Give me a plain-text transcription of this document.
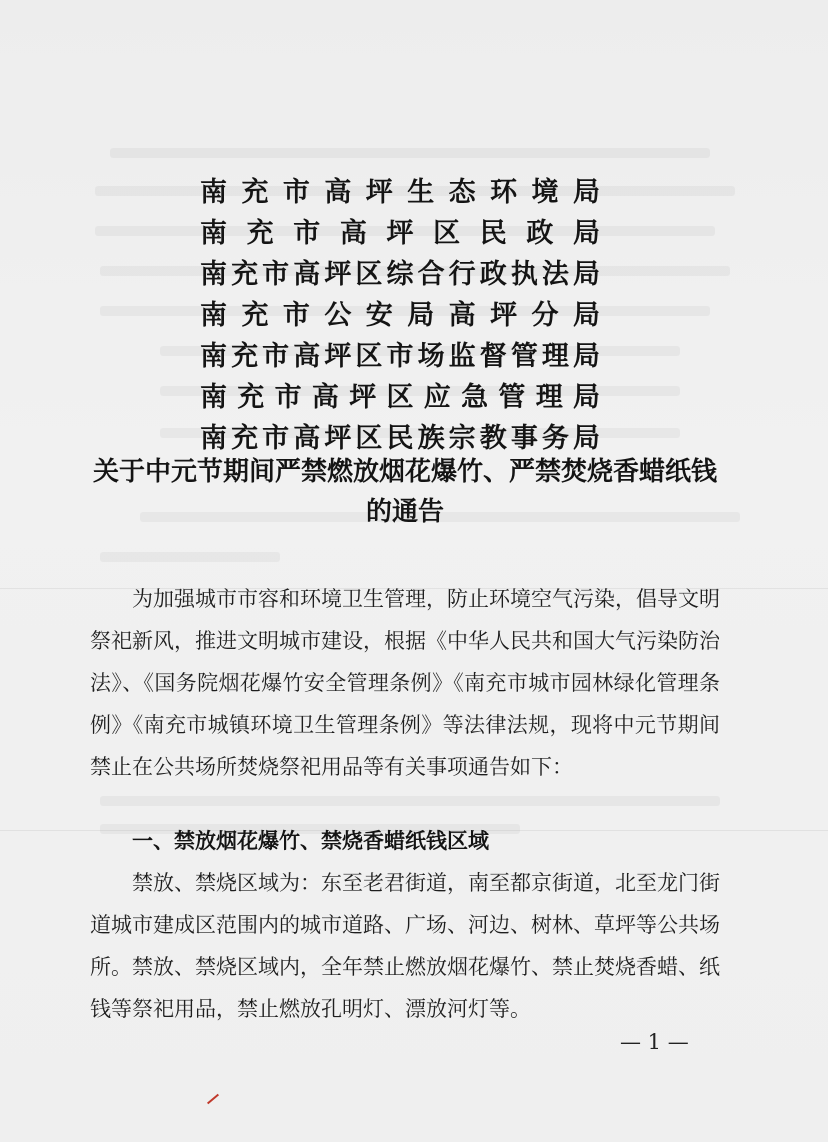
南充市高坪生态环境局
南充市高坪区民政局
南充市高坪区综合行政执法局
南充市公安局高坪分局
南充市高坪区市场监督管理局
南充市高坪区应急管理局
南充市高坪区民族宗教事务局
关于中元节期间严禁燃放烟花爆竹、严禁焚烧香蜡纸钱的通告

为加强城市市容和环境卫生管理，防止环境空气污染，倡导文明祭祀新风，推进文明城市建设，根据《中华人民共和国大气污染防治法》、《国务院烟花爆竹安全管理条例》《南充市城市园林绿化管理条例》《南充市城镇环境卫生管理条例》等法律法规，现将中元节期间禁止在公共场所焚烧祭祀用品等有关事项通告如下：

一、禁放烟花爆竹、禁烧香蜡纸钱区域

禁放、禁烧区域为：东至老君街道，南至都京街道，北至龙门街道城市建成区范围内的城市道路、广场、河边、树林、草坪等公共场所。禁放、禁烧区域内，全年禁止燃放烟花爆竹、禁止焚烧香蜡、纸钱等祭祀用品，禁止燃放孔明灯、漂放河灯等。

— 1 —
